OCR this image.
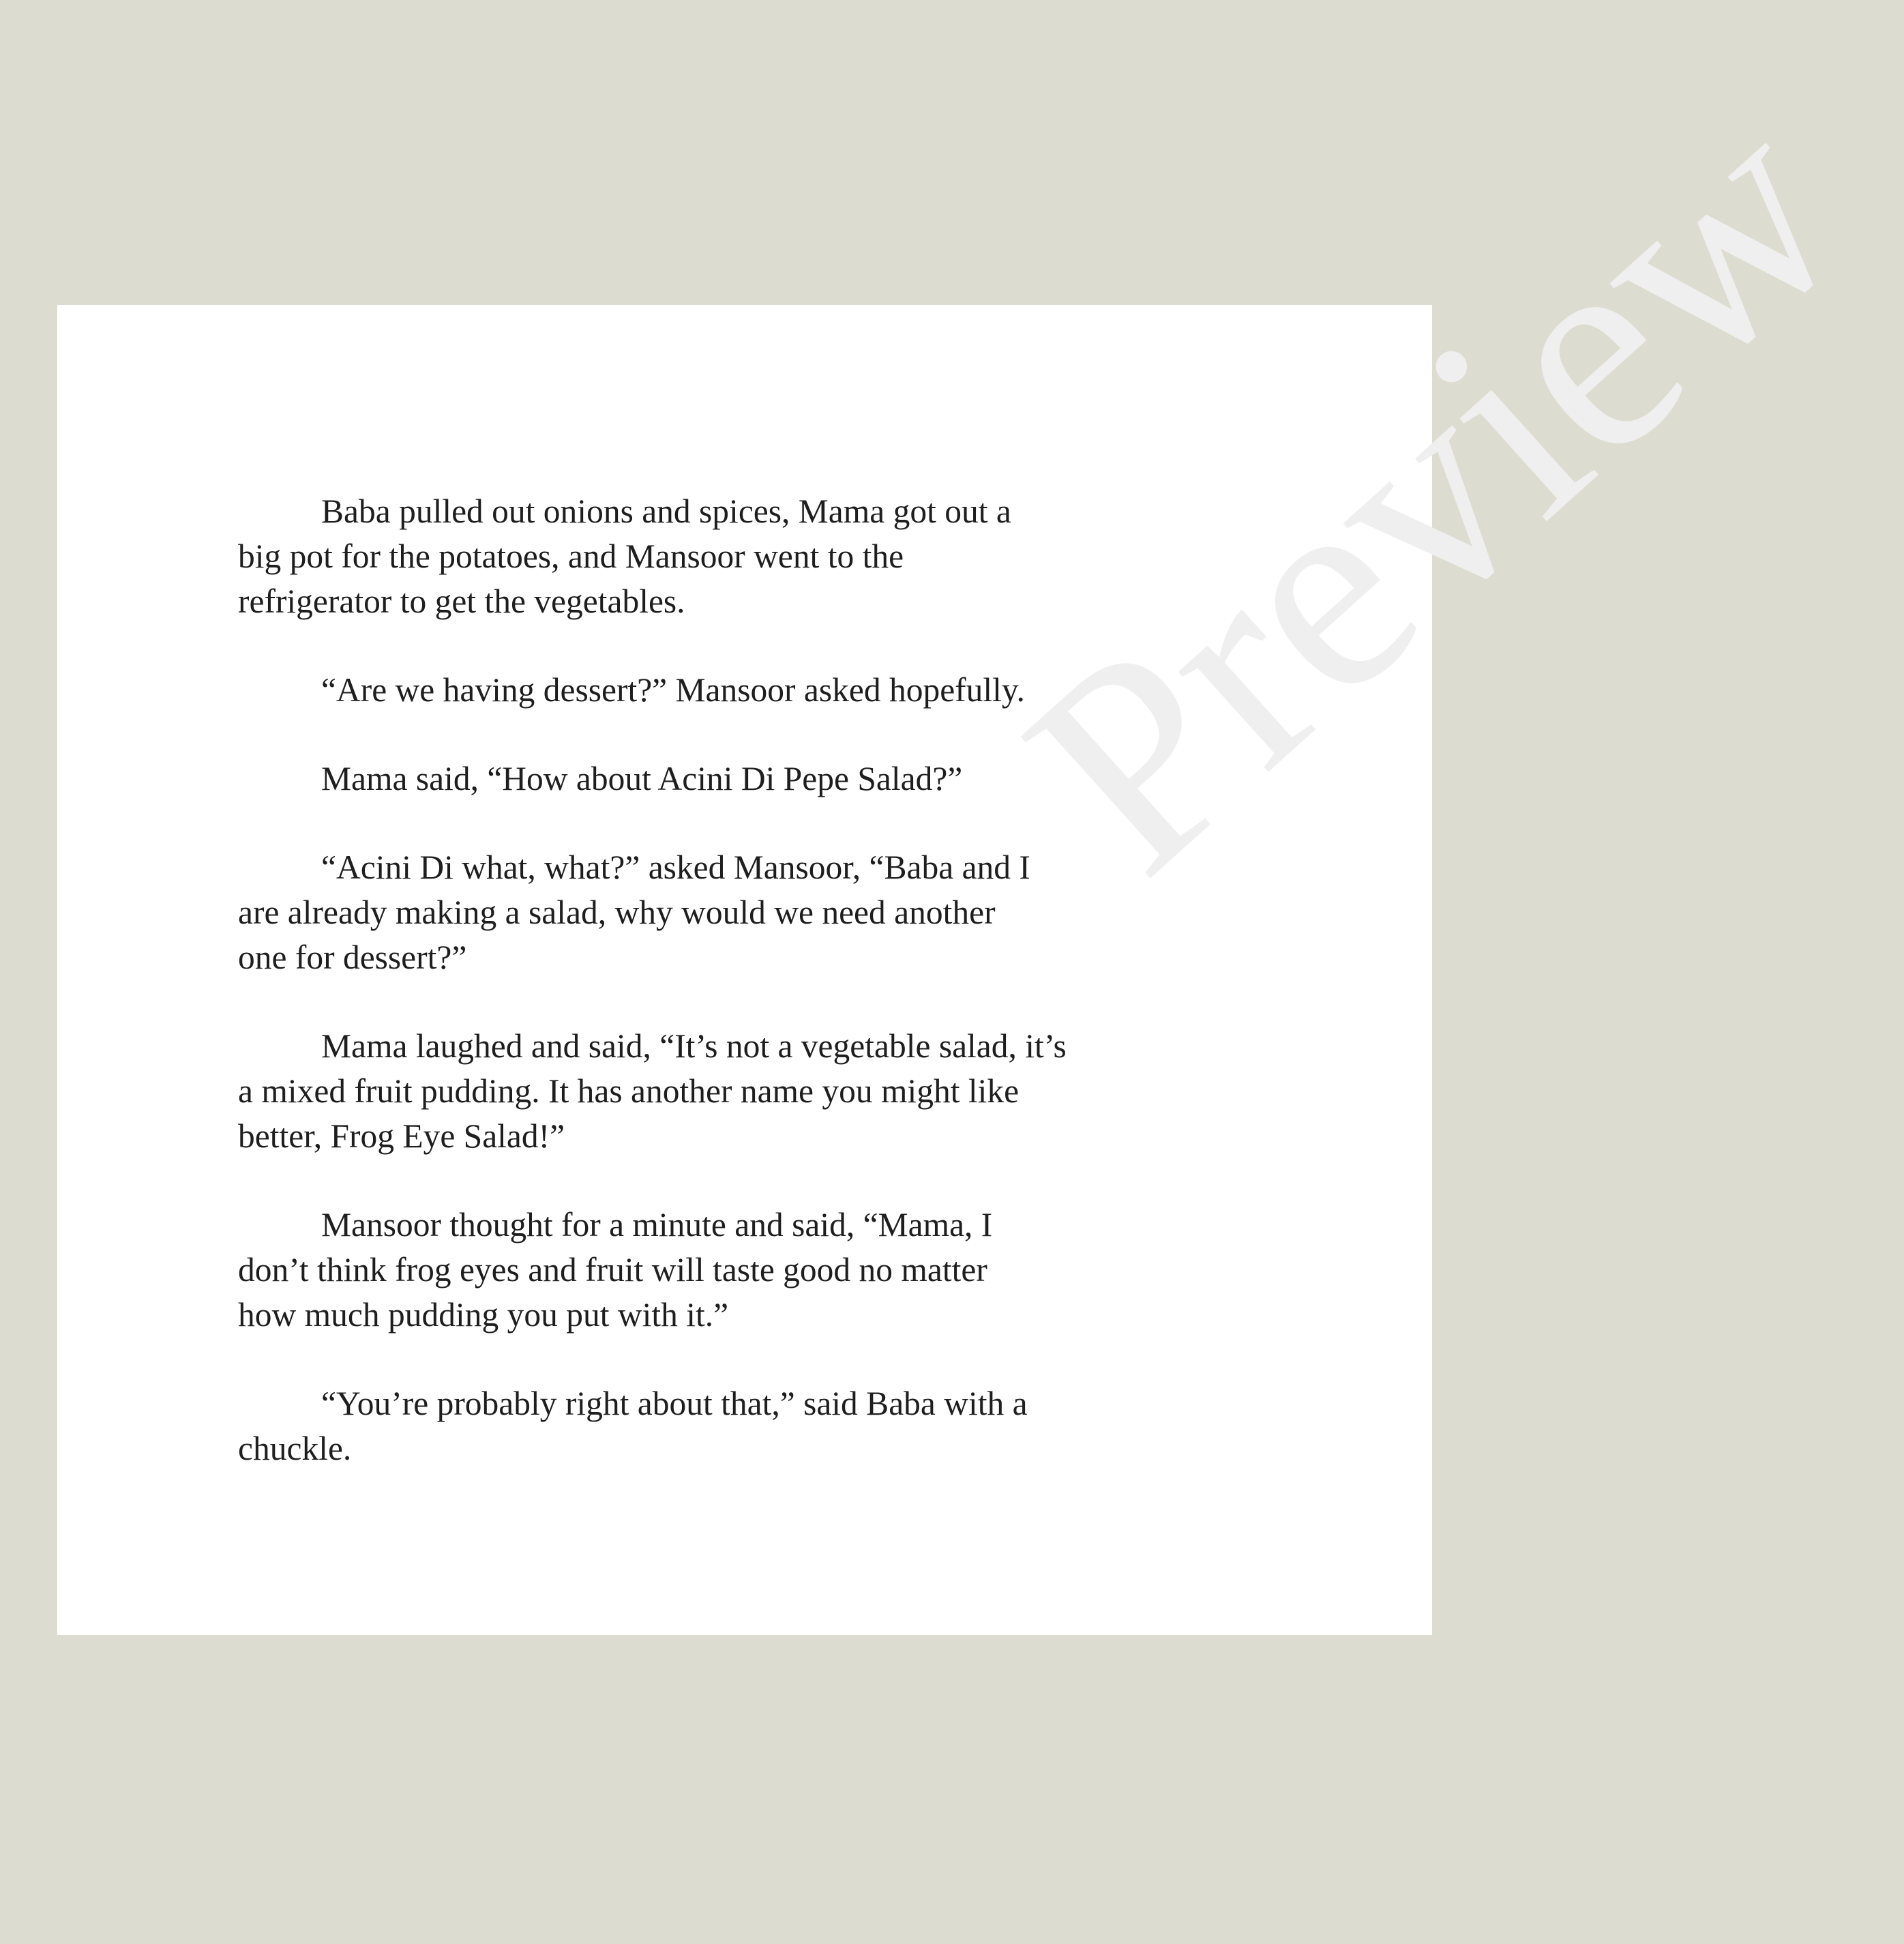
Preview

Baba pulled out onions and spices, Mama got out a
big pot for the potatoes, and Mansoor went to the
refrigerator to get the vegetables.

“Are we having dessert?” Mansoor asked hopefully.

Mama said, “How about Acini Di Pepe Salad?”

“Acini Di what, what?” asked Mansoor, “Baba and I
are already making a salad, why would we need another
one for dessert?”

Mama laughed and said, “It’s not a vegetable salad, it’s
a mixed fruit pudding. It has another name you might like
better, Frog Eye Salad!”

Mansoor thought for a minute and said, “Mama, I
don’t think frog eyes and fruit will taste good no matter
how much pudding you put with it.”

“You’re probably right about that,” said Baba with a
chuckle.
